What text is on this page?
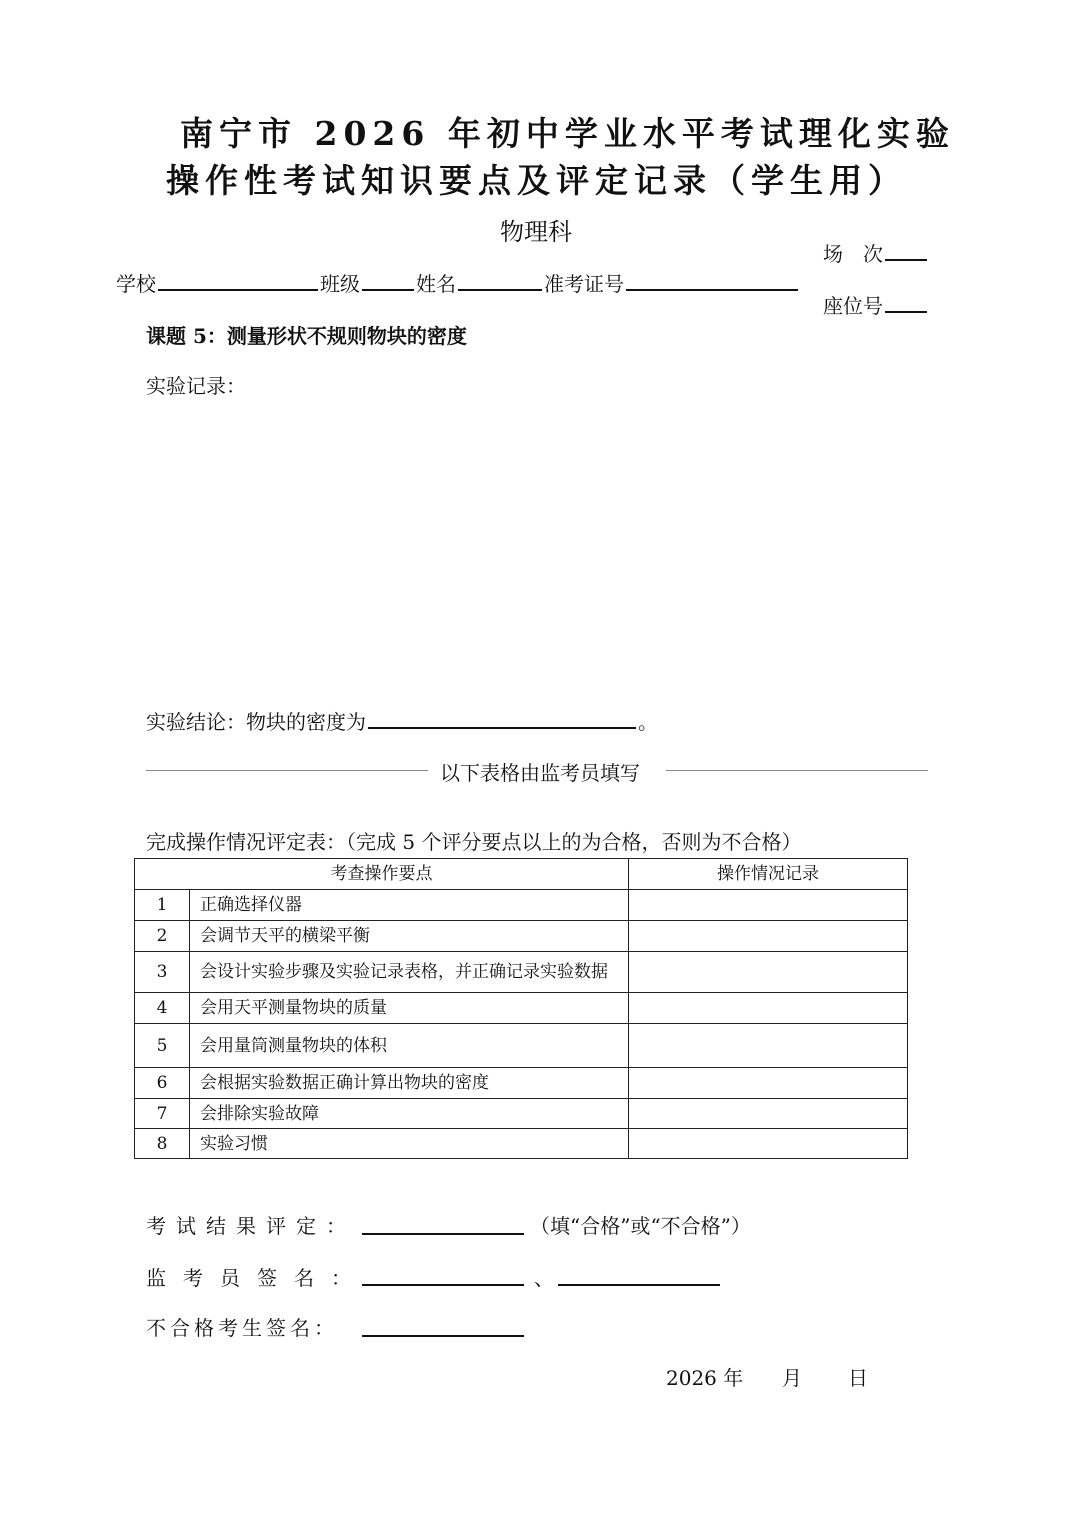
南宁市 2026 年初中学业水平考试理化实验
操作性考试知识要点及评定记录（学生用）
物理科
场　次
学校	班级	姓名	准考证号
座位号
课题 5：测量形状不规则物块的密度
实验记录：
实验结论：物块的密度为	。
以下表格由监考员填写
完成操作情况评定表：（完成 5 个评分要点以上的为合格，否则为不合格）
考查操作要点		操作情况记录
1	正确选择仪器	
2	会调节天平的横梁平衡	
3	会设计实验步骤及实验记录表格，并正确记录实验数据	
4	会用天平测量物块的质量	
5	会用量筒测量物块的体积	
6	会根据实验数据正确计算出物块的密度	
7	会排除实验故障	
8	实验习惯	
考试结果评定：	（填“合格”或“不合格”）
监考员签名：	、
不合格考生签名：
2026 年 月 日
